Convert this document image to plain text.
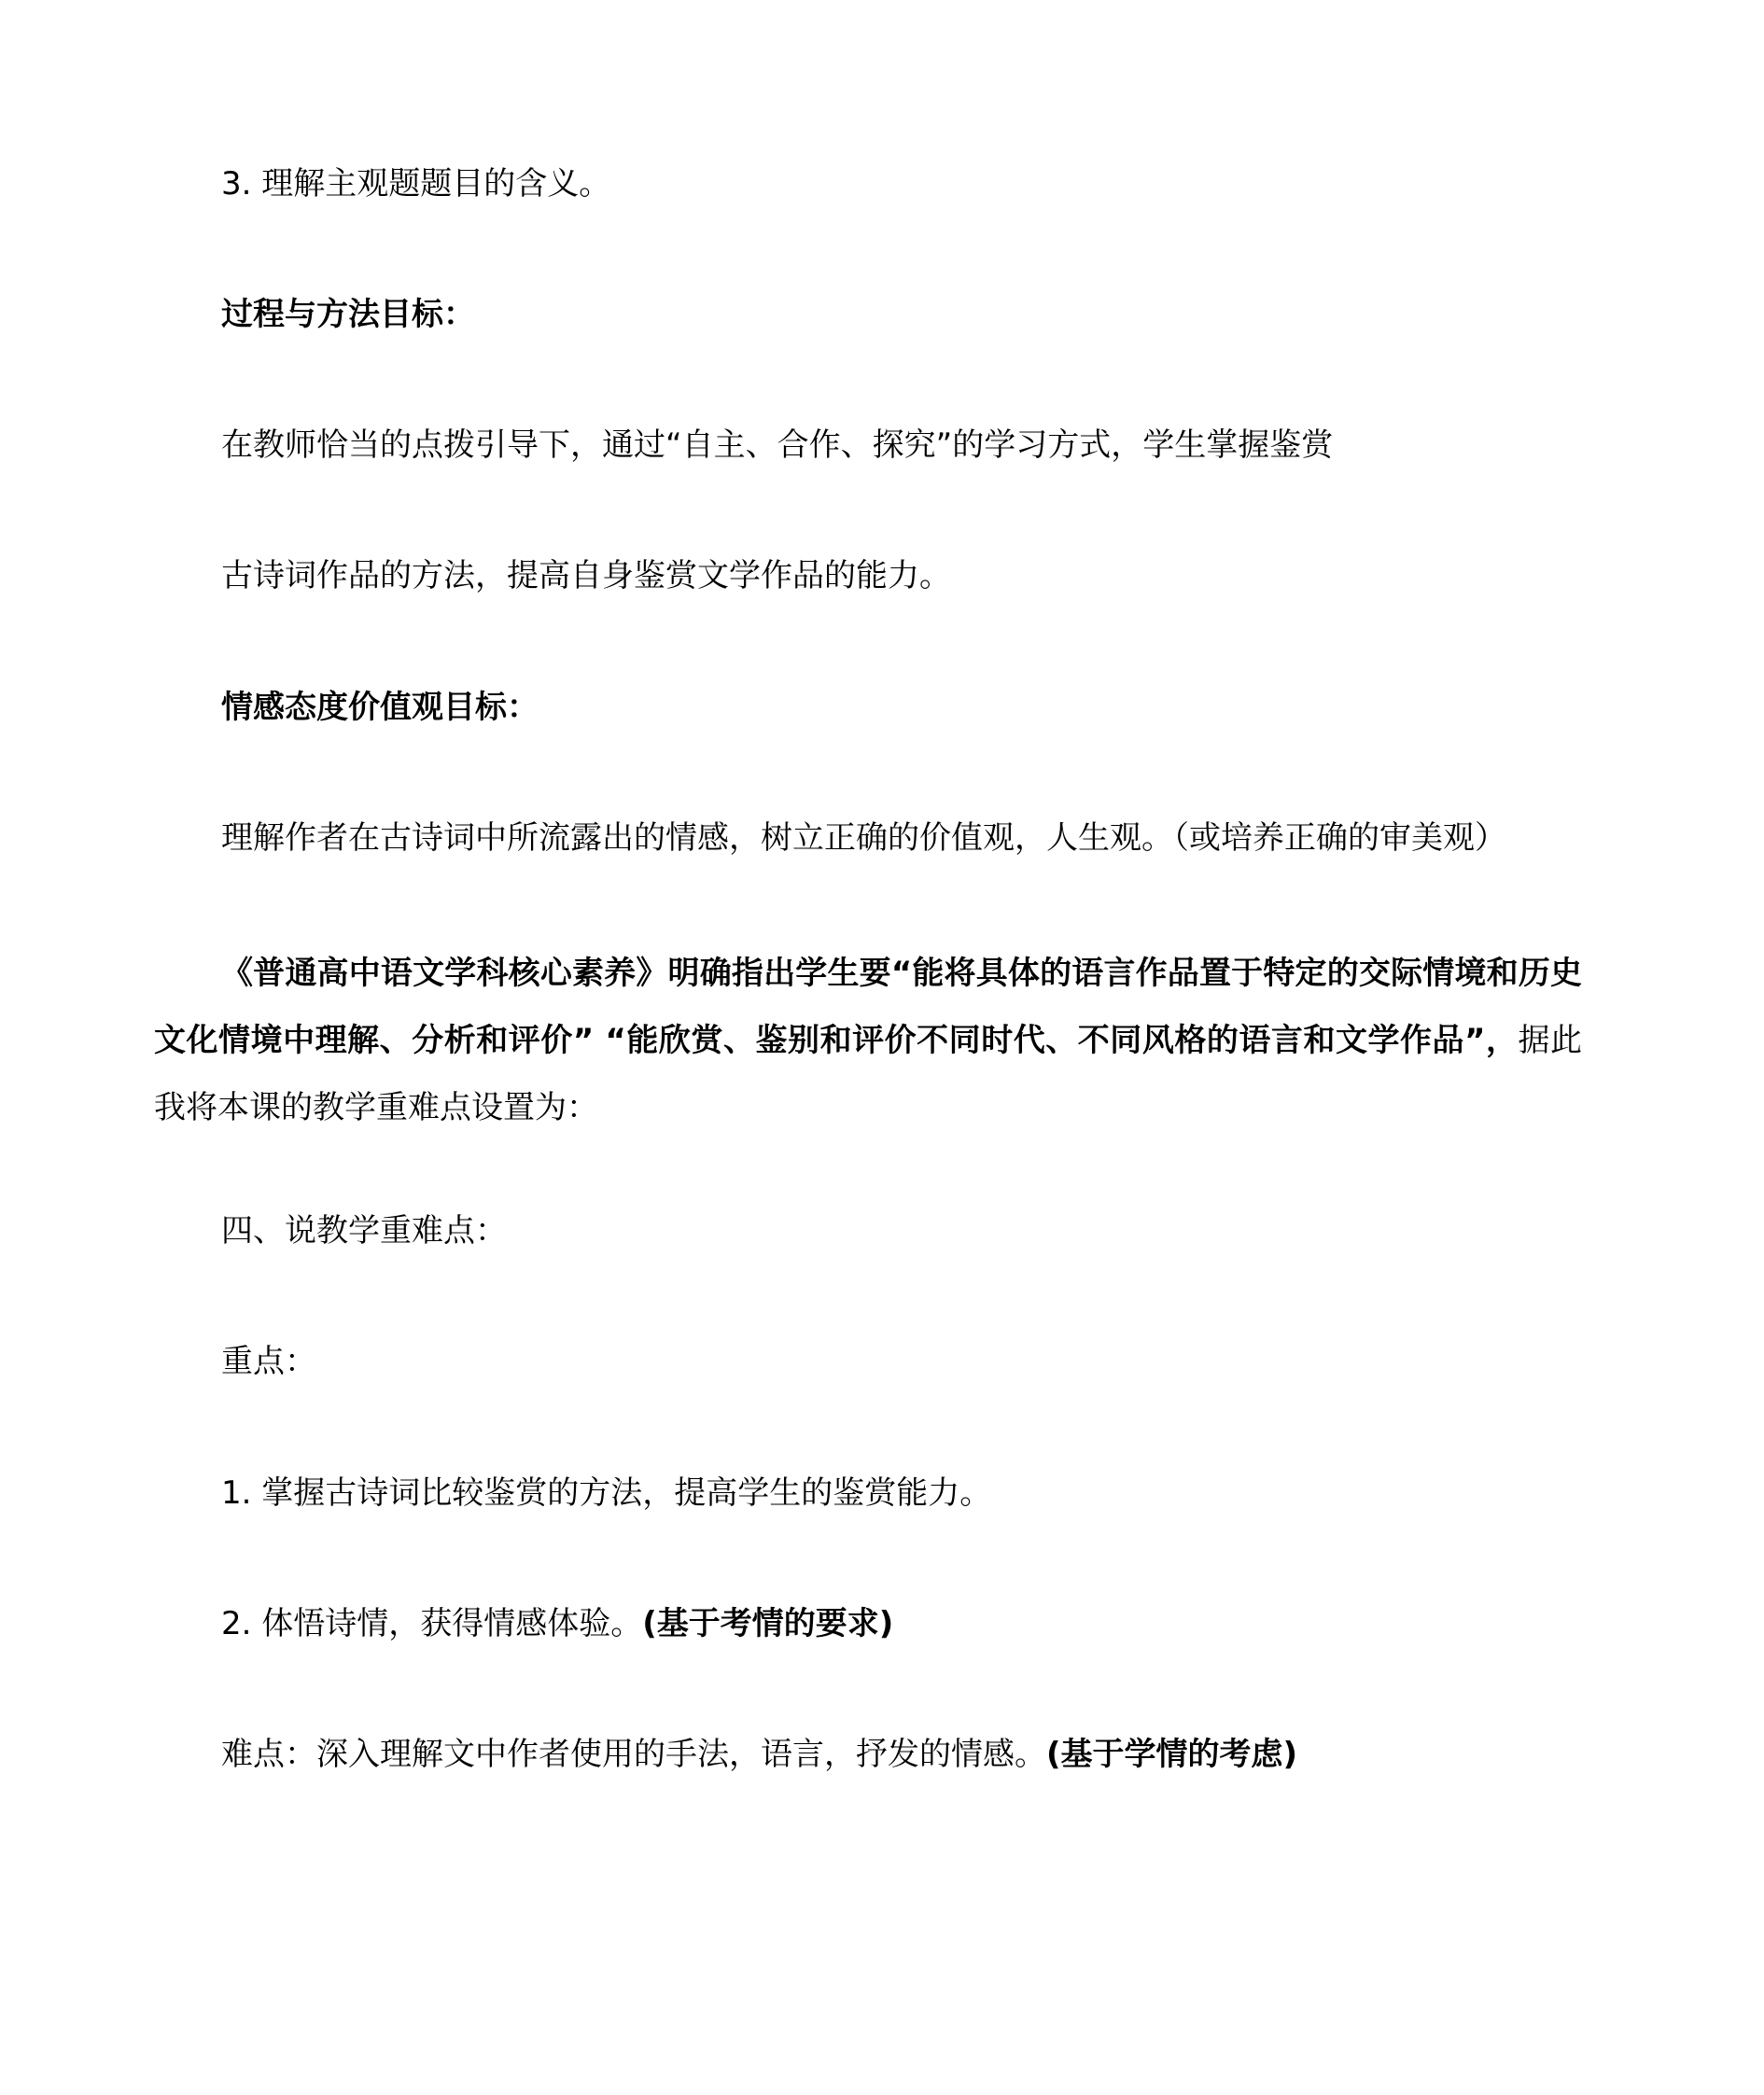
3. 理解主观题题目的含义。
过程与方法目标：
在教师恰当的点拨引导下，通过“自主、合作、探究”的学习方式，学生掌握鉴赏
古诗词作品的方法，提高自身鉴赏文学作品的能力。
情感态度价值观目标：
理解作者在古诗词中所流露出的情感，树立正确的价值观，人生观。（或培养正确的审美观）
《普通高中语文学科核心素养》明确指出学生要“能将具体的语言作品置于特定的交际情境和历史文化情境中理解、分析和评价” “能欣赏、鉴别和评价不同时代、不同风格的语言和文学作品”，据此我将本课的教学重难点设置为：
四、说教学重难点：
重点：
1. 掌握古诗词比较鉴赏的方法，提高学生的鉴赏能力。
2. 体悟诗情，获得情感体验。(基于考情的要求)
难点：深入理解文中作者使用的手法，语言，抒发的情感。(基于学情的考虑)
